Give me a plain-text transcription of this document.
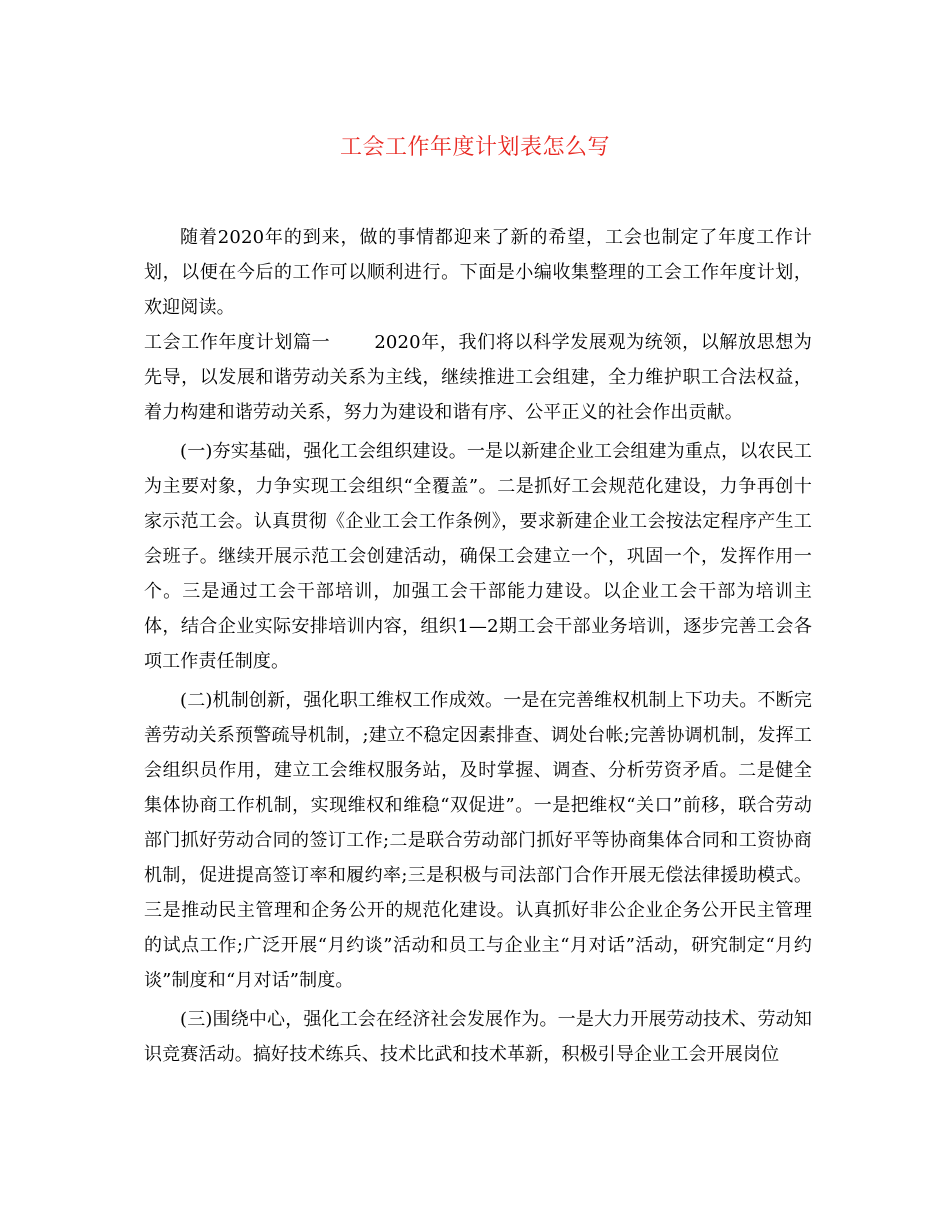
工会工作年度计划表怎么写

随着2020年的到来，做的事情都迎来了新的希望，工会也制定了年度工作计划，以便在今后的工作可以顺利进行。下面是小编收集整理的工会工作年度计划，欢迎阅读。

工会工作年度计划篇一 2020年，我们将以科学发展观为统领，以解放思想为先导，以发展和谐劳动关系为主线，继续推进工会组建，全力维护职工合法权益，着力构建和谐劳动关系，努力为建设和谐有序、公平正义的社会作出贡献。

(一)夯实基础，强化工会组织建设。一是以新建企业工会组建为重点，以农民工为主要对象，力争实现工会组织“全覆盖”。二是抓好工会规范化建设，力争再创十家示范工会。认真贯彻《企业工会工作条例》，要求新建企业工会按法定程序产生工会班子。继续开展示范工会创建活动，确保工会建立一个，巩固一个，发挥作用一个。三是通过工会干部培训，加强工会干部能力建设。以企业工会干部为培训主体，结合企业实际安排培训内容，组织1—2期工会干部业务培训，逐步完善工会各项工作责任制度。

(二)机制创新，强化职工维权工作成效。一是在完善维权机制上下功夫。不断完善劳动关系预警疏导机制，;建立不稳定因素排查、调处台帐;完善协调机制，发挥工会组织员作用，建立工会维权服务站，及时掌握、调查、分析劳资矛盾。二是健全集体协商工作机制，实现维权和维稳“双促进”。一是把维权“关口”前移，联合劳动部门抓好劳动合同的签订工作;二是联合劳动部门抓好平等协商集体合同和工资协商机制，促进提高签订率和履约率;三是积极与司法部门合作开展无偿法律援助模式。三是推动民主管理和企务公开的规范化建设。认真抓好非公企业企务公开民主管理的试点工作;广泛开展“月约谈”活动和员工与企业主“月对话”活动，研究制定“月约谈”制度和“月对话”制度。

(三)围绕中心，强化工会在经济社会发展作为。一是大力开展劳动技术、劳动知识竞赛活动。搞好技术练兵、技术比武和技术革新，积极引导企业工会开展岗位
